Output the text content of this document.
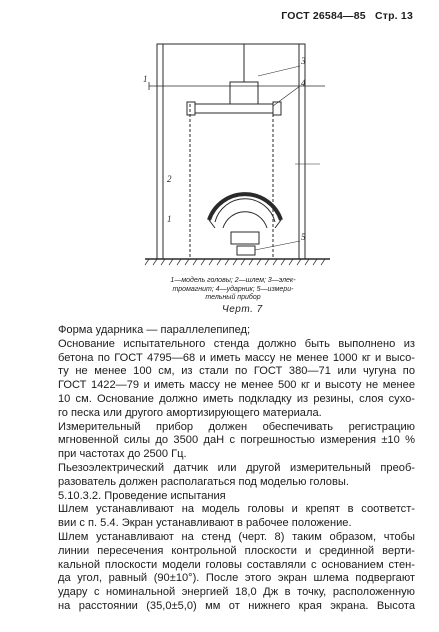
ГОСТ 26584—85 Стр. 13
1
2
3
4
5
1
1—модель головы; 2—шлем; 3—элек-
тромагнит; 4—ударник; 5—измери-
тельный прибор
Черт. 7
Форма ударника — параллелепипед;
Основание испытательного стенда должно быть выполнено из
бетона по ГОСТ 4795—68 и иметь массу не менее 1000 кг и высо-
ту не менее 100 см, из стали по ГОСТ 380—71 или чугуна по
ГОСТ 1422—79 и иметь массу не менее 500 кг и высоту не менее
10 см. Основание должно иметь подкладку из резины, слоя сухо-
го песка или другого амортизирующего материала.
Измерительный прибор должен обеспечивать регистрацию
мгновенной силы до 3500 даН с погрешностью измерения ±10 %
при частотах до 2500 Гц.
Пьезоэлектрический датчик или другой измерительный преоб-
разователь должен располагаться под моделью головы.
5.10.3.2. Проведение испытания
Шлем устанавливают на модель головы и крепят в соответст-
вии с п. 5.4. Экран устанавливают в рабочее положение.
Шлем устанавливают на стенд (черт. 8) таким образом, чтобы
линии пересечения контрольной плоскости и срединной верти-
кальной плоскости модели головы составляли с основанием стен-
да угол, равный (90±10°). После этого экран шлема подвергают
удару с номинальной энергией 18,0 Дж в точку, расположенную
на расстоянии (35,0±5,0) мм от нижнего края экрана. Высота
